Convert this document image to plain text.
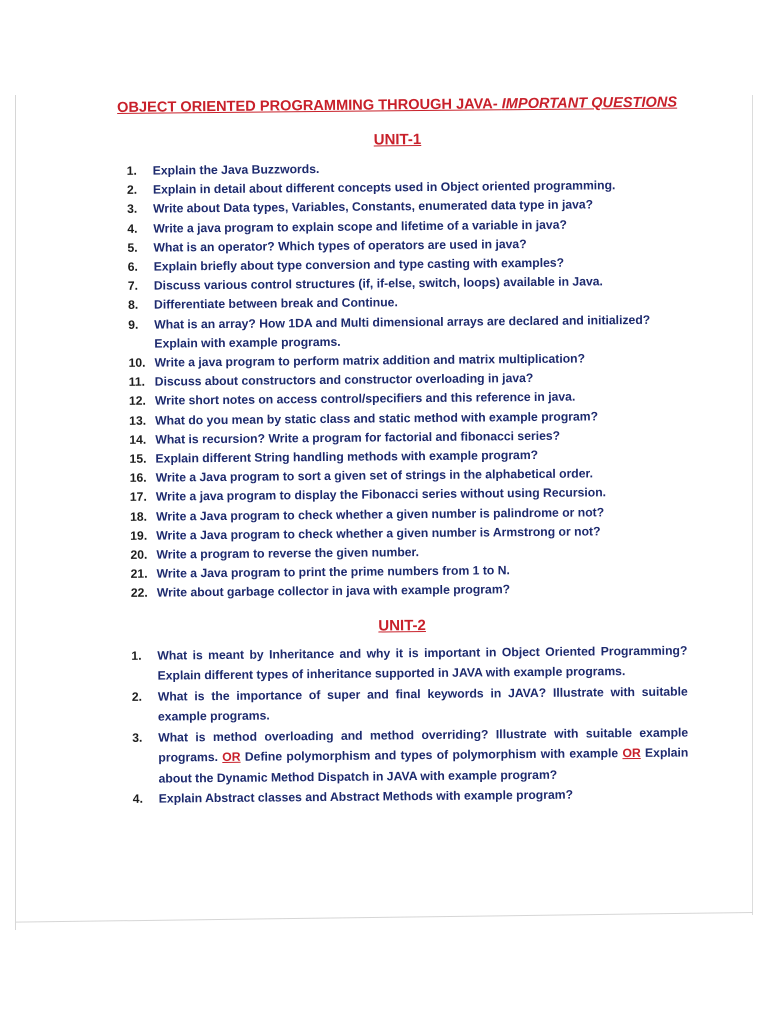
OBJECT ORIENTED PROGRAMMING THROUGH JAVA- IMPORTANT QUESTIONS
UNIT-1
1. Explain the Java Buzzwords.
2. Explain in detail about different concepts used in Object oriented programming.
3. Write about Data types, Variables, Constants, enumerated data type in java?
4. Write a java program to explain scope and lifetime of a variable in java?
5. What is an operator? Which types of operators are used in java?
6. Explain briefly about type conversion and type casting with examples?
7. Discuss various control structures (if, if-else, switch, loops) available in Java.
8. Differentiate between break and Continue.
9. What is an array? How 1DA and Multi dimensional arrays are declared and initialized?
Explain with example programs.
10. Write a java program to perform matrix addition and matrix multiplication?
11. Discuss about constructors and constructor overloading in java?
12. Write short notes on access control/specifiers and this reference in java.
13. What do you mean by static class and static method with example program?
14. What is recursion? Write a program for factorial and fibonacci series?
15. Explain different String handling methods with example program?
16. Write a Java program to sort a given set of strings in the alphabetical order.
17. Write a java program to display the Fibonacci series without using Recursion.
18. Write a Java program to check whether a given number is palindrome or not?
19. Write a Java program to check whether a given number is Armstrong or not?
20. Write a program to reverse the given number.
21. Write a Java program to print the prime numbers from 1 to N.
22. Write about garbage collector in java with example program?
UNIT-2
1. What is meant by Inheritance and why it is important in Object Oriented Programming? Explain different types of inheritance supported in JAVA with example programs.
2. What is the importance of super and final keywords in JAVA? Illustrate with suitable example programs.
3. What is method overloading and method overriding? Illustrate with suitable example programs. OR Define polymorphism and types of polymorphism with example OR Explain about the Dynamic Method Dispatch in JAVA with example program?
4. Explain Abstract classes and Abstract Methods with example program?
